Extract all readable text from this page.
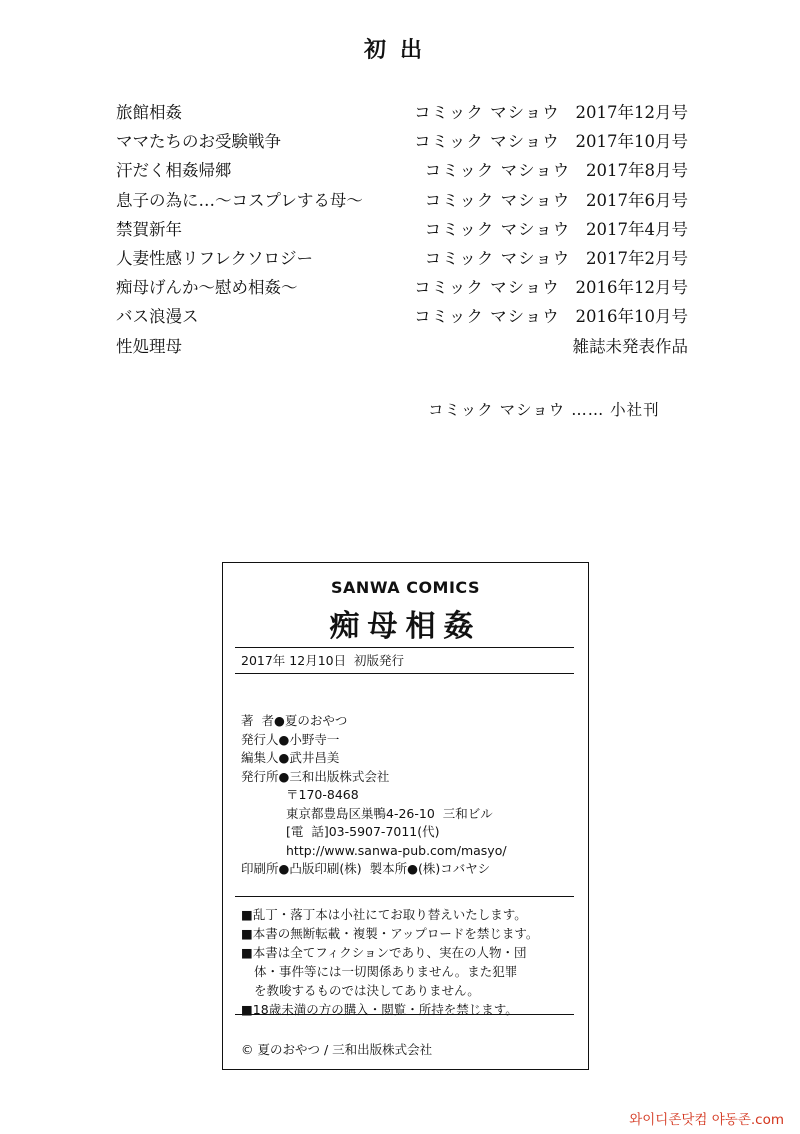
初出
旅館相姦	コミック マショウ 2017年12月号
ママたちのお受験戦争	コミック マショウ 2017年10月号
汗だく相姦帰郷	コミック マショウ 2017年8月号
息子の為に…～コスプレする母～	コミック マショウ 2017年6月号
禁賀新年	コミック マショウ 2017年4月号
人妻性感リフレクソロジー	コミック マショウ 2017年2月号
痴母げんか～慰め相姦～	コミック マショウ 2016年12月号
バス浪漫ス	コミック マショウ 2016年10月号
性処理母	雑誌未発表作品
コミック マショウ …… 小社刊
SANWA COMICS
痴母相姦
2017年 12月10日  初版発行
著  者●夏のおやつ
発行人●小野寺一
編集人●武井昌美
発行所●三和出版株式会社
〒170-8468
東京都豊島区巣鴨4-26-10  三和ビル
[電  話]03-5907-7011(代)
http://www.sanwa-pub.com/masyo/
印刷所●凸版印刷(株)  製本所●(株)コバヤシ
■乱丁・落丁本は小社にてお取り替えいたします。
■本書の無断転載・複製・アップロードを禁じます。
■本書は全てフィクションであり、実在の人物・団
体・事件等には一切関係ありません。また犯罪
を教唆するものでは決してありません。
■18歳未満の方の購入・閲覧・所持を禁じます。
© 夏のおやつ / 三和出版株式会社
와이디존닷컴 야동존.com
